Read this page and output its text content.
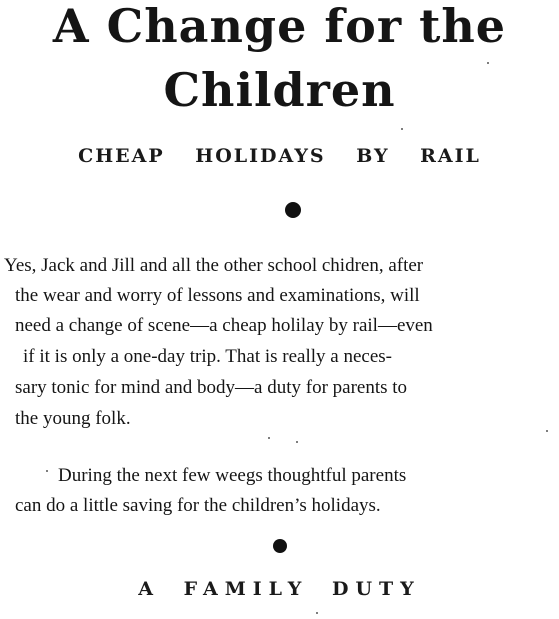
A Change for the
Children
CHEAP HOLIDAYS BY RAIL
Yes, Jack and Jill and all the other school chidren, after
the wear and worry of lessons and examinations, will
need a change of scene—a cheap holilay by rail—even
if it is only a one-day trip. That is really a neces-
sary tonic for mind and body—a duty for parents to
the young folk.
During the next few weegs thoughtful parents
can do a little saving for the children’s holidays.
A FAMILY DUTY
